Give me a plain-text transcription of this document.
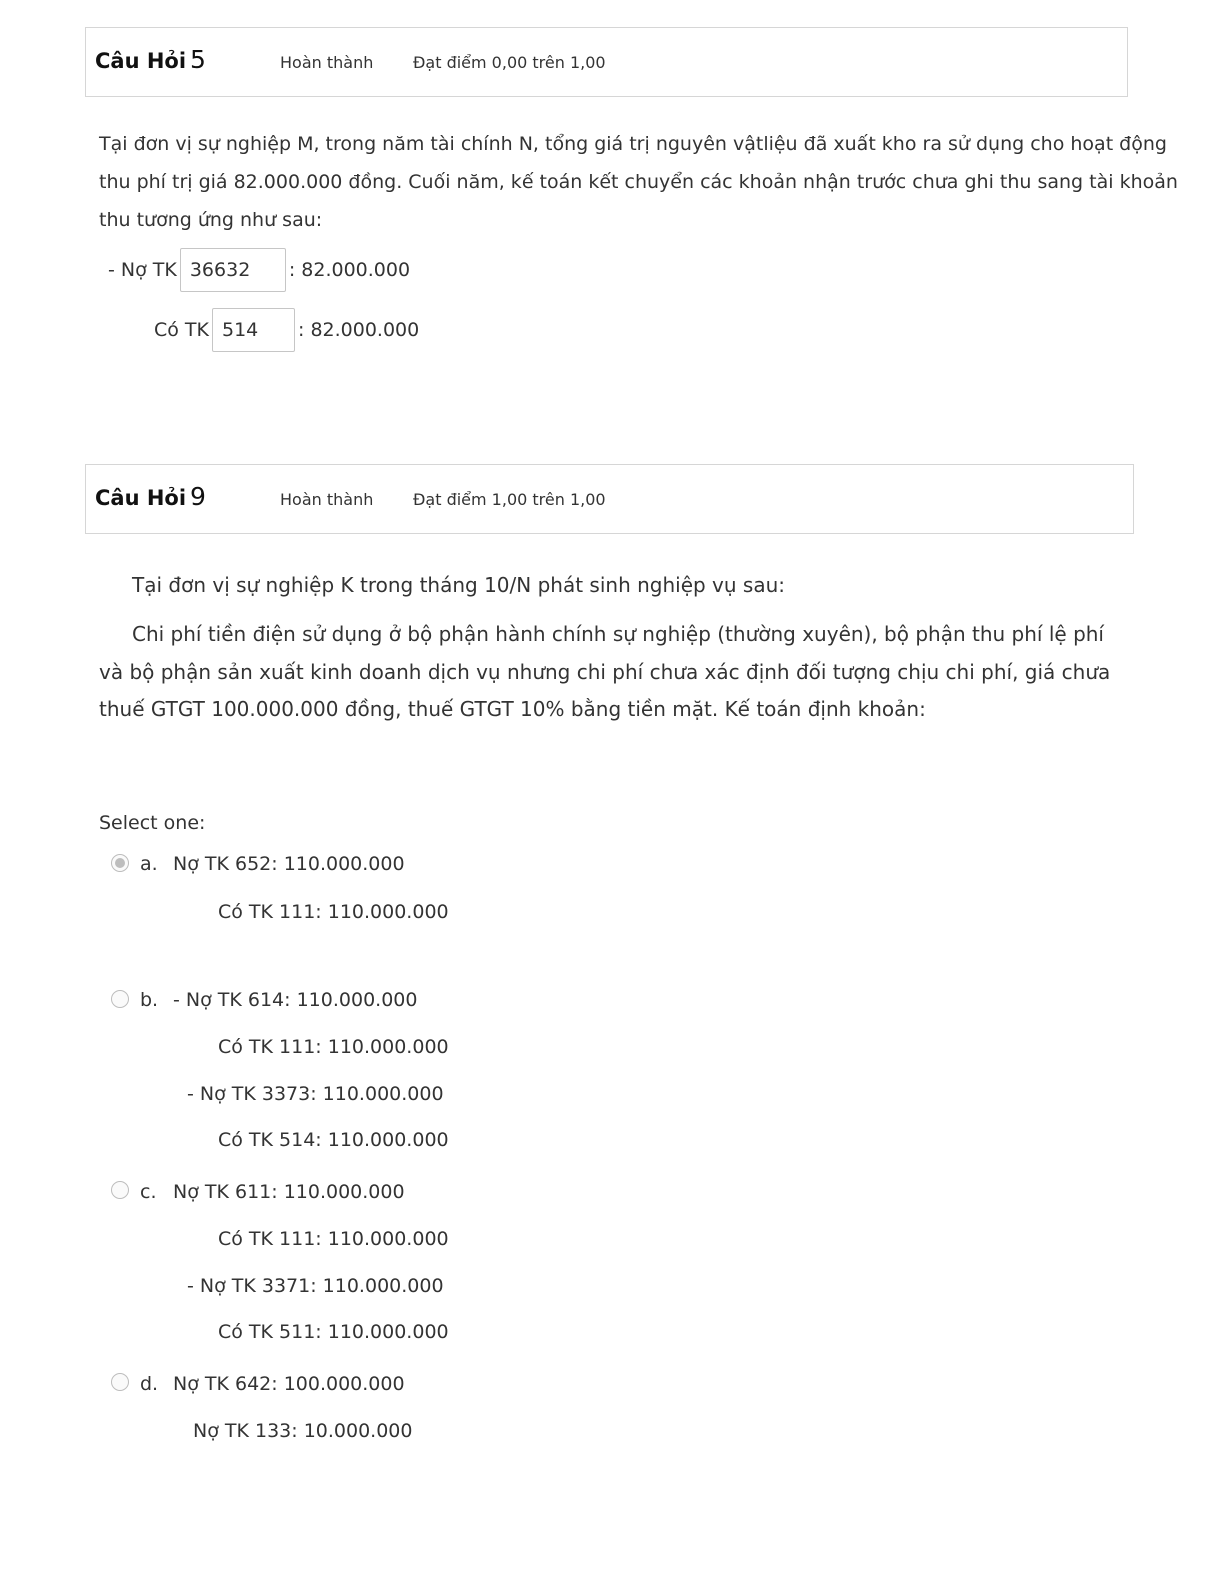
Câu Hỏi 5	Hoàn thành Đạt điểm 0,00 trên 1,00
Tại đơn vị sự nghiệp M, trong năm tài chính N, tổng giá trị nguyên vậtliệu đã xuất kho ra sử dụng cho hoạt động
thu phí trị giá 82.000.000 đồng. Cuối năm, kế toán kết chuyển các khoản nhận trước chưa ghi thu sang tài khoản
thu tương ứng như sau:
- Nợ TK 36632	: 82.000.000
Có TK 514	: 82.000.000
Câu Hỏi 9	Hoàn thành Đạt điểm 1,00 trên 1,00
Tại đơn vị sự nghiệp K trong tháng 10/N phát sinh nghiệp vụ sau:
Chi phí tiền điện sử dụng ở bộ phận hành chính sự nghiệp (thường xuyên), bộ phận thu phí lệ phí
và bộ phận sản xuất kinh doanh dịch vụ nhưng chi phí chưa xác định đối tượng chịu chi phí, giá chưa
thuế GTGT 100.000.000 đồng, thuế GTGT 10% bằng tiền mặt. Kế toán định khoản:
Select one:
a. Nợ TK 652: 110.000.000
Có TK 111: 110.000.000
b. - Nợ TK 614: 110.000.000
Có TK 111: 110.000.000
- Nợ TK 3373: 110.000.000
Có TK 514: 110.000.000
c. Nợ TK 611: 110.000.000
Có TK 111: 110.000.000
- Nợ TK 3371: 110.000.000
Có TK 511: 110.000.000
d. Nợ TK 642: 100.000.000
Nợ TK 133: 10.000.000
